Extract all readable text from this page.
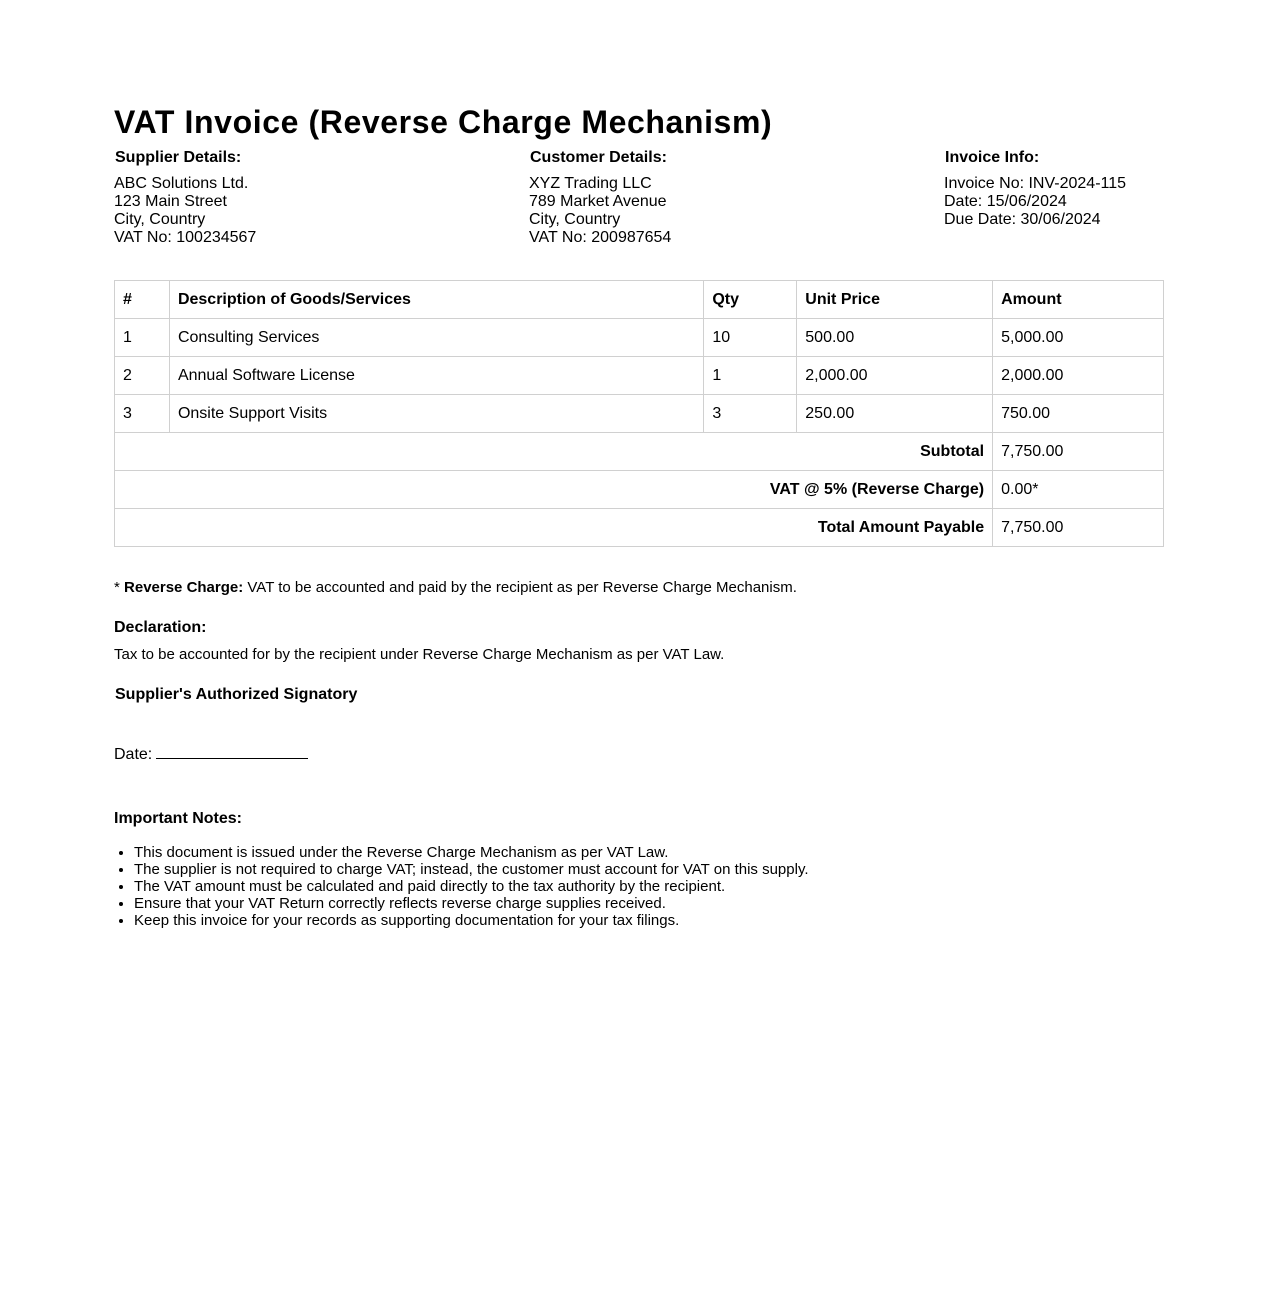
VAT Invoice (Reverse Charge Mechanism)
Supplier Details:
ABC Solutions Ltd.
123 Main Street
City, Country
VAT No: 100234567
Customer Details:
XYZ Trading LLC
789 Market Avenue
City, Country
VAT No: 200987654
Invoice Info:
Invoice No: INV-2024-115
Date: 15/06/2024
Due Date: 30/06/2024
#	Description of Goods/Services	Qty	Unit Price	Amount
1	Consulting Services	10	500.00	5,000.00
2	Annual Software License	1	2,000.00	2,000.00
3	Onsite Support Visits	3	250.00	750.00
Subtotal				7,750.00
VAT @ 5% (Reverse Charge)				0.00*
Total Amount Payable				7,750.00
* Reverse Charge: VAT to be accounted and paid by the recipient as per Reverse Charge Mechanism.
Declaration:
Tax to be accounted for by the recipient under Reverse Charge Mechanism as per VAT Law.
Supplier's Authorized Signatory
Date:
Important Notes:
• This document is issued under the Reverse Charge Mechanism as per VAT Law.
• The supplier is not required to charge VAT; instead, the customer must account for VAT on this supply.
• The VAT amount must be calculated and paid directly to the tax authority by the recipient.
• Ensure that your VAT Return correctly reflects reverse charge supplies received.
• Keep this invoice for your records as supporting documentation for your tax filings.
